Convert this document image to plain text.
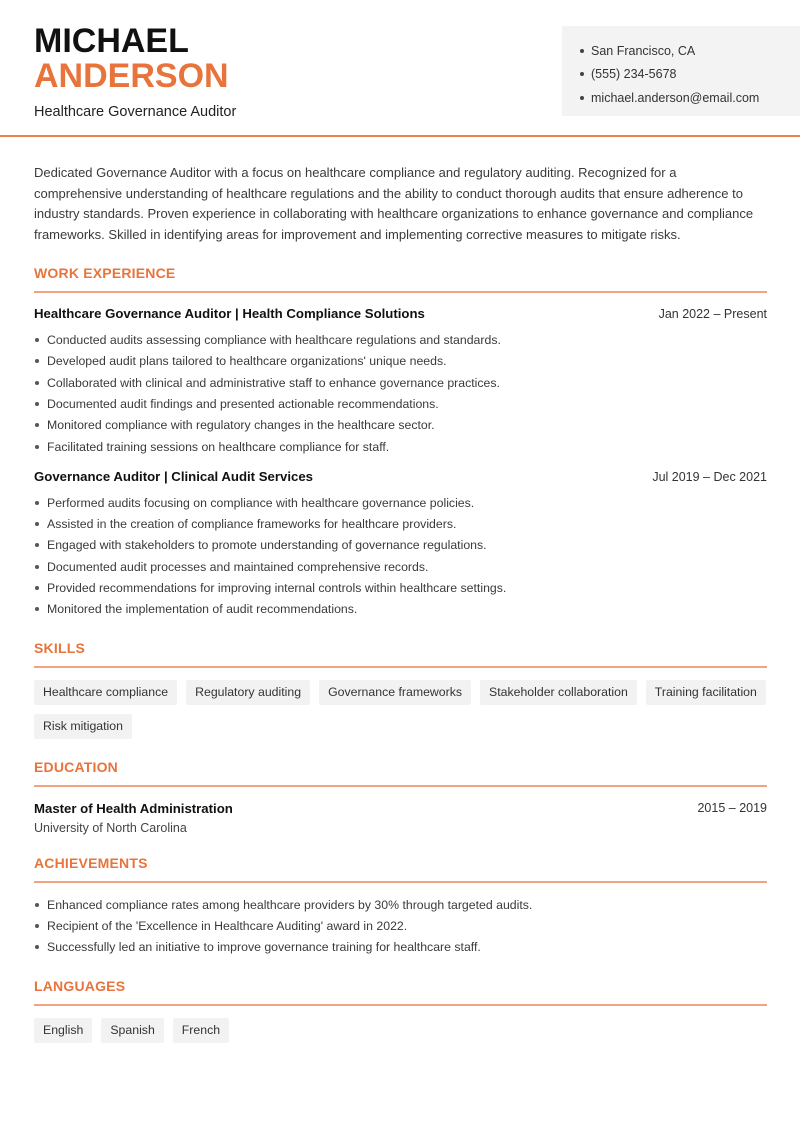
MICHAEL
ANDERSON
Healthcare Governance Auditor
San Francisco, CA
(555) 234-5678
michael.anderson@email.com

Dedicated Governance Auditor with a focus on healthcare compliance and regulatory auditing. Recognized for a comprehensive understanding of healthcare regulations and the ability to conduct thorough audits that ensure adherence to industry standards. Proven experience in collaborating with healthcare organizations to enhance governance and compliance frameworks. Skilled in identifying areas for improvement and implementing corrective measures to mitigate risks.

WORK EXPERIENCE
Healthcare Governance Auditor | Health Compliance Solutions	Jan 2022 – Present
Conducted audits assessing compliance with healthcare regulations and standards.
Developed audit plans tailored to healthcare organizations' unique needs.
Collaborated with clinical and administrative staff to enhance governance practices.
Documented audit findings and presented actionable recommendations.
Monitored compliance with regulatory changes in the healthcare sector.
Facilitated training sessions on healthcare compliance for staff.
Governance Auditor | Clinical Audit Services	Jul 2019 – Dec 2021
Performed audits focusing on compliance with healthcare governance policies.
Assisted in the creation of compliance frameworks for healthcare providers.
Engaged with stakeholders to promote understanding of governance regulations.
Documented audit processes and maintained comprehensive records.
Provided recommendations for improving internal controls within healthcare settings.
Monitored the implementation of audit recommendations.
SKILLS
Healthcare compliance	Regulatory auditing	Governance frameworks	Stakeholder collaboration	Training facilitation
Risk mitigation
EDUCATION
Master of Health Administration
University of North Carolina
2015 – 2019
ACHIEVEMENTS
Enhanced compliance rates among healthcare providers by 30% through targeted audits.
Recipient of the 'Excellence in Healthcare Auditing' award in 2022.
Successfully led an initiative to improve governance training for healthcare staff.
LANGUAGES
English	Spanish	French
